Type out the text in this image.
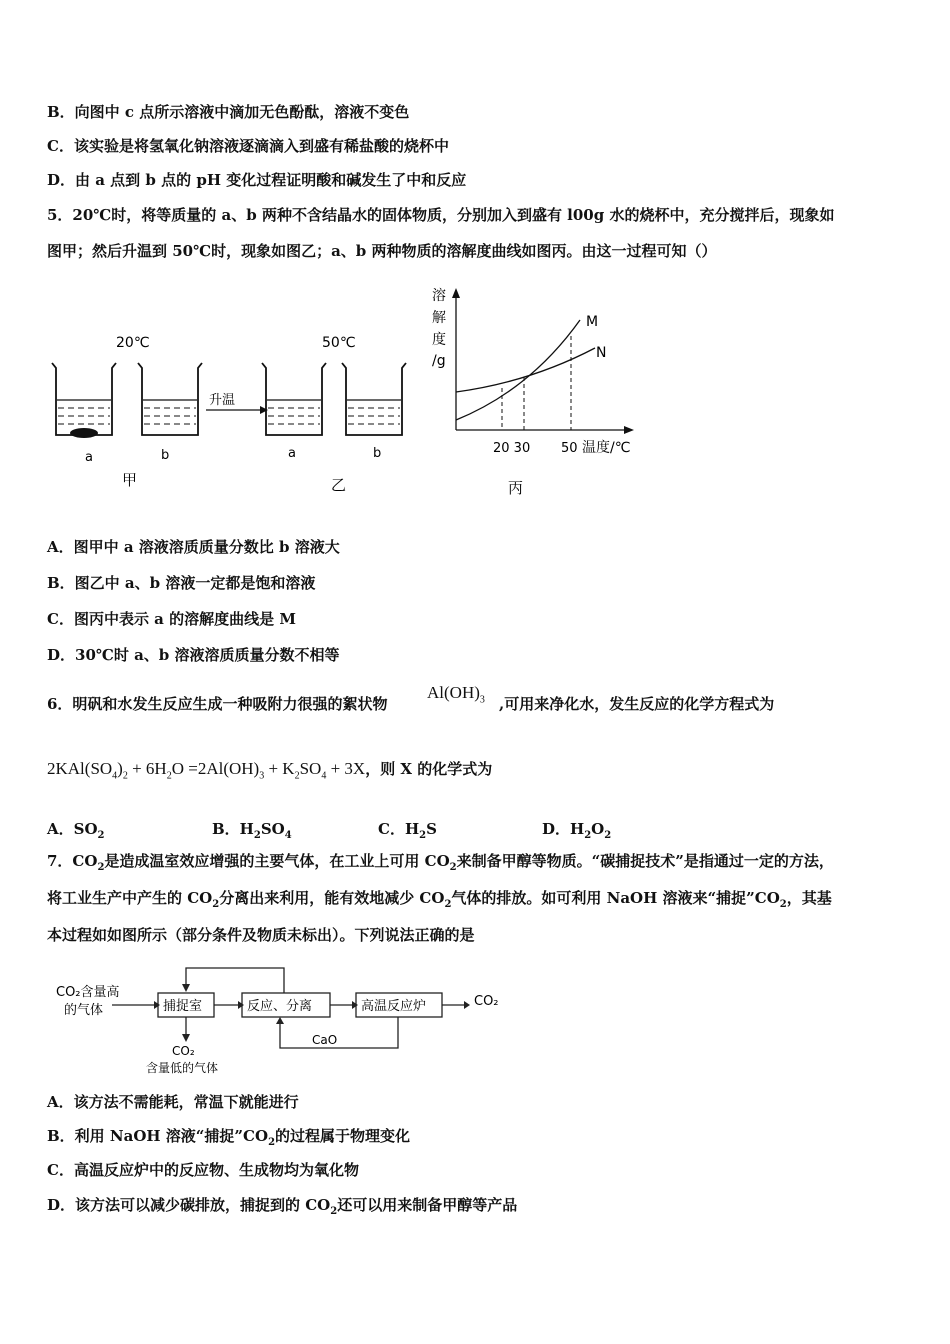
B．向图中 c 点所示溶液中滴加无色酚酞，溶液不变色
C．该实验是将氢氧化钠溶液逐滴滴入到盛有稀盐酸的烧杯中
D．由 a 点到 b 点的 pH 变化过程证明酸和碱发生了中和反应
5．20℃时，将等质量的 a、b 两种不含结晶水的固体物质，分别加入到盛有 l00g 水的烧杯中，充分搅拌后，现象如
图甲；然后升温到 50℃时，现象如图乙；a、b 两种物质的溶解度曲线如图丙。由这一过程可知（）
20℃	50℃
升温
a	b	a	b
甲	乙	丙
溶
解
度
/g
M
N
20 30 50 温度/℃
A．图甲中 a 溶液溶质质量分数比 b 溶液大
B．图乙中 a、b 溶液一定都是饱和溶液
C．图丙中表示 a 的溶解度曲线是 M
D．30℃时 a、b 溶液溶质质量分数不相等
6．明矾和水发生反应生成一种吸附力很强的絮状物
$Al(OH)_3$ ,可用来净化水，发生反应的化学方程式为
$2KAl(SO_4)_2 + 6H_2O =2Al(OH)_3 + K_2SO_4 + 3X$，则 X 的化学式为
A．$SO_2$	B．$H_2SO_4$	C．$H_2S$	D．$H_2O_2$
7．$CO_2$是造成温室效应增强的主要气体，在工业上可用 $CO_2$来制备甲醇等物质。“碳捕捉技术”是指通过一定的方法，
将工业生产中产生的 $CO_2$分离出来利用，能有效地减少 $CO_2$气体的排放。如可利用 NaOH 溶液来“捕捉$”CO_2$，其基
本过程如如图所示（部分条件及物质未标出）。下列说法正确的是
CO₂含量高
的气体	捕捉室	反应、分离	高温反应炉	CO₂
CO₂
含量低的气体
CaO
A．该方法不需能耗，常温下就能进行
B．利用 NaOH 溶液“捕捉$”CO_2$的过程属于物理变化
C．高温反应炉中的反应物、生成物均为氧化物
D．该方法可以减少碳排放，捕捉到的 $CO_2$还可以用来制备甲醇等产品
